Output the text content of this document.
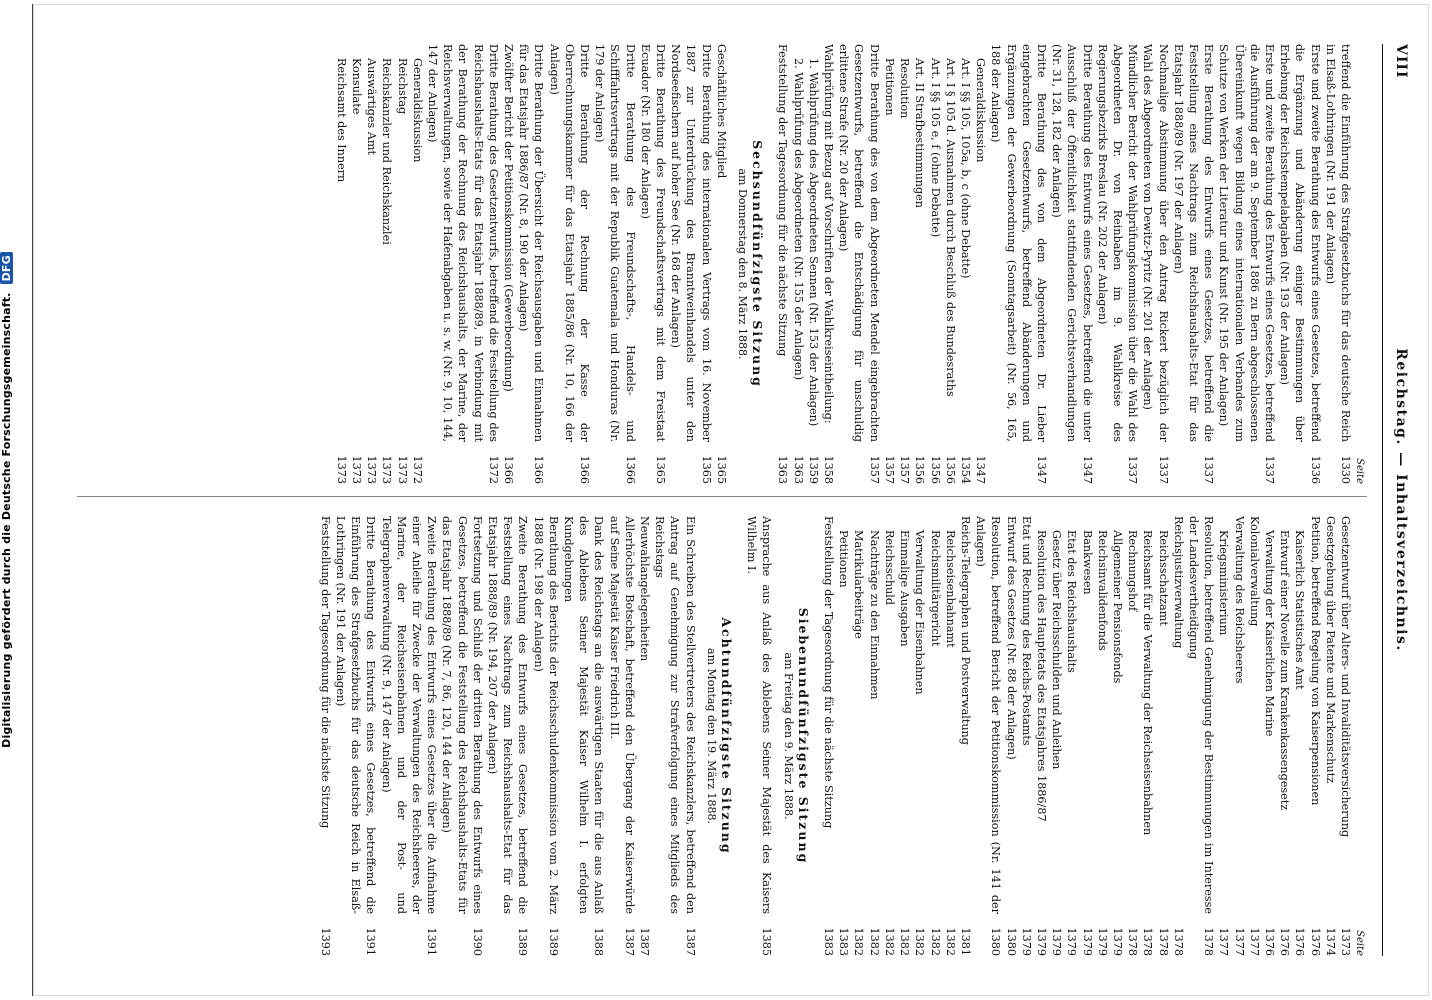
Digitalisierung gefördert durch die Deutsche Forschungsgemeinschaft. DFG
VIII
Reichstag. — Inhaltsverzeichnis.
Seite
treffend die Einführung des Strafgesetzbuchs für das deutsche Reich in Elsaß-Lothringen (Nr. 191 der Anlagen)
1330
Erste und zweite Berathung des Entwurfs eines Gesetzes, betreffend die Ergänzung und Abänderung einiger Bestimmungen über Erhebung der Reichsstempelabgaben (Nr. 193 der Anlagen)
1336
Erste und zweite Berathung des Entwurfs eines Gesetzes, betreffend die Ausführung der am 9. September 1886 zu Bern abgeschlossenen Übereinkunft wegen Bildung eines internationalen Verbandes zum Schutze von Werken der Literatur und Kunst (Nr. 195 der Anlagen)
1337
Erste Berathung des Entwurfs eines Gesetzes, betreffend die Feststellung eines Nachtrags zum Reichshaushalts-Etat für das Etatsjahr 1888/89 (Nr. 197 der Anlagen)
1337
Nochmalige Abstimmung über den Antrag Rickert bezüglich der Wahl des Abgeordneten von Dewitz-Pyritz (Nr. 201 der Anlagen)
1337
Mündlicher Bericht der Wahlprüfungskommission über die Wahl des Abgeordneten Dr. von Reinbaben im 9. Wahlkreise des Regierungsbezirks Breslau (Nr. 202 der Anlagen)
1337
Dritte Berathung des Entwurfs eines Gesetzes, betreffend die unter Ausschluß der Öffentlichkeit stattfindenden Gerichtsverhandlungen (Nr. 31, 128, 182 der Anlagen)
1347
Dritte Berathung des von dem Abgeordneten Dr. Lieber eingebrachten Gesetzentwurfs, betreffend Abänderungen und Ergänzungen der Gewerbeordnung (Sonntagsarbeit) (Nr. 56, 165, 188 der Anlagen)
1347
Generaldiskussion
1347
Art. I §§ 105, 105a, b, c (ohne Debatte)
1354
Art. I § 105 d. Ausnahmen durch Beschluß des Bundesraths
1356
Art. I §§ 105 e, f (ohne Debatte)
1356
Art. II Strafbestimmungen
1356
Resolution
1357
Petitionen
1357
Dritte Berathung des von dem Abgeordneten Mendel eingebrachten Gesetzentwurfs, betreffend die Entschädigung für unschuldig erlittene Strafe (Nr. 20 der Anlagen)
1357
Wahlprüfung mit Bezug auf Vorschriften der Wahlkreiseintheilung:
1358
1. Wahlprüfung des Abgeordneten Sennen (Nr. 153 der Anlagen)
1359
2. Wahlprüfung des Abgeordneten (Nr. 155 der Anlagen)
1363
Feststellung der Tagesordnung für die nächste Sitzung
1363
Sechsundfünfzigste Sitzung
am Donnerstag den 8. März 1888.
Geschäftliches Mitglied
1365
Dritte Berathung des internationalen Vertrags vom 16. November 1887 zur Unterdrückung des Branntweinhandels unter den Nordseefischern auf hoher See (Nr. 168 der Anlagen)
1365
Dritte Berathung des Freundschaftsvertrags mit dem Freistaat Ecuador (Nr. 180 der Anlagen)
1365
Dritte Berathung des Freundschafts-, Handels- und Schifffahrtsvertrags mit der Republik Guatemala und Honduras (Nr. 179 der Anlagen)
1366
Dritte Berathung der Rechnung der Kasse der Oberrechnungskammer für das Etatsjahr 1885/86 (Nr. 10, 166 der Anlagen)
1366
Dritte Berathung der Übersicht der Reichsausgaben und Einnahmen für das Etatsjahr 1886/87 (Nr. 8, 190 der Anlagen)
1366
Zwölfter Bericht der Petitionskommission (Gewerbeordnung)
1366
Dritte Berathung des Gesetzentwurfs, betreffend die Feststellung des Reichshaushalts-Etats für das Etatsjahr 1888/89, in Verbindung mit der Berathung der Rechnung des Reichshaushalts, der Marine, der Reichsverwaltungen, sowie der Hafenabgaben u. s. w. (Nr. 9, 10, 144, 147 der Anlagen)
1372
Generaldiskussion
1372
Reichstag
1373
Reichskanzler und Reichskanzlei
1373
Auswärtiges Amt
1373
Konsulate
1373
Reichsamt des Innern
1373
Seite
Gesetzentwurf über Alters- und Invaliditätsversicherung
1373
Gesetzgebung über Patente und Markenschutz
1374
Petition, betreffend Regelung von Kaiserpensionen
1376
Kaiserlich Statistisches Amt
1376
Entwurf einer Novelle zum Krankenkassengesetz
1376
Verwaltung der Kaiserlichen Marine
1376
Kolonialverwaltung
1377
Verwaltung des Reichsheeres
1377
Kriegsministerium
1377
Resolution, betreffend Genehmigung der Bestimmungen im Interesse der Landesvertheidigung
1378
Reichsjustizverwaltung
1378
Reichsschatzamt
1378
Reichsamt für die Verwaltung der Reichseisenbahnen
1378
Rechnungshof
1378
Allgemeiner Pensionsfonds
1379
Reichsinvalidenfonds
1379
Bankwesen
1379
Etat des Reichshaushalts
1379
Gesetz über Reichsschulden und Anleihen
1379
Resolution des Hauptetats des Etatsjahres 1886/87
1379
Etat und Rechnung des Reichs-Postamts
1379
Entwurf des Gesetzes (Nr. 88 der Anlagen)
1380
Resolution, betreffend Bericht der Petitionskommission (Nr. 141 der Anlagen)
1380
Reichs-Telegraphen und Postverwaltung
1381
Reichseisenbahnamt
1382
Reichsmilitärgericht
1382
Verwaltung der Eisenbahnen
1382
Einmalige Ausgaben
1382
Reichsschuld
1382
Nachträge zu den Einnahmen
1382
Matrikularbeiträge
1382
Petitionen
1383
Feststellung der Tagesordnung für die nächste Sitzung
1383
Siebenundfünfzigste Sitzung
am Freitag den 9. März 1888.
Ansprache aus Anlaß des Ablebens Seiner Majestät des Kaisers Wilhelm I.
1385
Achtundfünfzigste Sitzung
am Montag den 19. März 1888.
Ein Schreiben des Stellvertreters des Reichskanzlers, betreffend den Antrag auf Genehmigung zur Strafverfolgung eines Mitglieds des Reichstags
1387
Neuwahlangelegenheiten
1387
Allerhöchste Botschaft, betreffend den Übergang der Kaiserwürde auf Seine Majestät Kaiser Friedrich III.
1387
Dank des Reichstags an die auswärtigen Staaten für die aus Anlaß des Ablebens Seiner Majestät Kaiser Wilhelm I. erfolgten Kundgebungen
1388
Berathung des Berichts der Reichsschuldenkommission vom 2. März 1888 (Nr. 198 der Anlagen)
1389
Zweite Berathung des Entwurfs eines Gesetzes, betreffend die Feststellung eines Nachtrags zum Reichshaushalts-Etat für das Etatsjahr 1888/89 (Nr. 194, 207 der Anlagen)
1389
Fortsetzung und Schluß der dritten Berathung des Entwurfs eines Gesetzes, betreffend die Feststellung des Reichshaushalts-Etats für das Etatsjahr 1888/89 (Nr. 7, 86, 120, 144 der Anlagen)
1390
Zweite Berathung des Entwurfs eines Gesetzes über die Aufnahme einer Anleihe für Zwecke der Verwaltungen des Reichsheeres, der Marine, der Reichseisenbahnen und der Post- und Telegraphenverwaltung (Nr. 9, 147 der Anlagen)
1391
Dritte Berathung des Entwurfs eines Gesetzes, betreffend die Einführung des Strafgesetzbuchs für das deutsche Reich in Elsaß-Lothringen (Nr. 191 der Anlagen)
1391
Feststellung der Tagesordnung für die nächste Sitzung
1393
